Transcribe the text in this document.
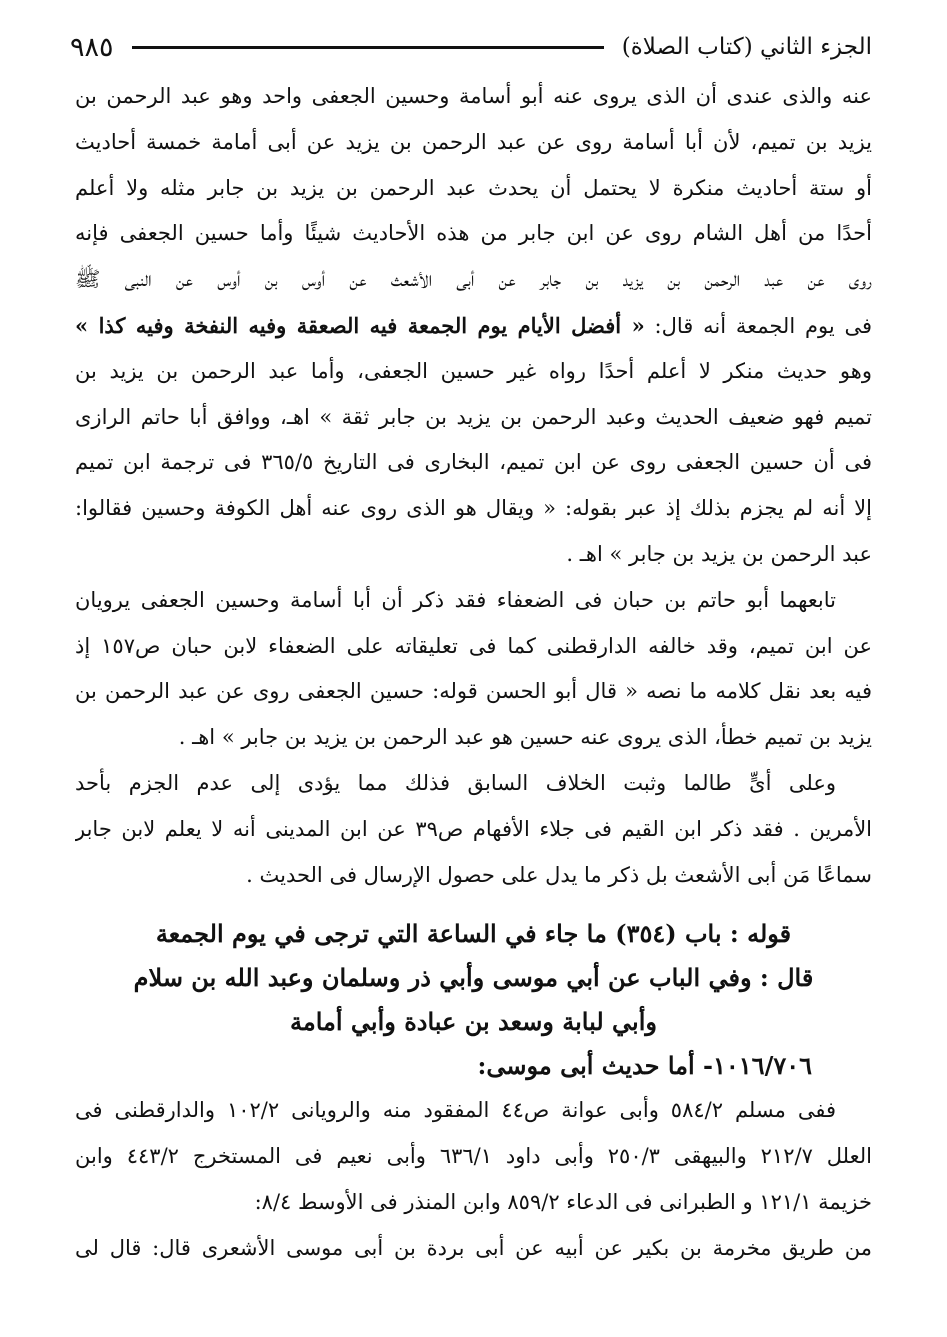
الجزء الثاني (كتاب الصلاة)
٩٨٥
عنه والذى عندى أن الذى يروى عنه أبو أسامة وحسين الجعفى واحد وهو عبد الرحمن بن
يزيد بن تميم، لأن أبا أسامة روى عن عبد الرحمن بن يزيد عن أبى أمامة خمسة أحاديث
أو ستة أحاديث منكرة لا يحتمل أن يحدث عبد الرحمن بن يزيد بن جابر مثله ولا أعلم
أحدًا من أهل الشام روى عن ابن جابر من هذه الأحاديث شيئًا وأما حسين الجعفى فإنه
روى عن عبد الرحمن بن يزيد بن جابر عن أبى الأشعث عن أوس بن أوس عن النبى ﷺ
فى يوم الجمعة أنه قال: « أفضل الأيام يوم الجمعة فيه الصعقة وفيه النفخة وفيه كذا »
وهو حديث منكر لا أعلم أحدًا رواه غير حسين الجعفى، وأما عبد الرحمن بن يزيد بن
تميم فهو ضعيف الحديث وعبد الرحمن بن يزيد بن جابر ثقة » اهـ، ووافق أبا حاتم الرازى
فى أن حسين الجعفى روى عن ابن تميم، البخارى فى التاريخ ٣٦٥/٥ فى ترجمة ابن تميم
إلا أنه لم يجزم بذلك إذ عبر بقوله: « ويقال هو الذى روى عنه أهل الكوفة وحسين فقالوا:
عبد الرحمن بن يزيد بن جابر » اهـ .
تابعهما أبو حاتم بن حبان فى الضعفاء فقد ذكر أن أبا أسامة وحسين الجعفى يرويان
عن ابن تميم، وقد خالفه الدارقطنى كما فى تعليقاته على الضعفاء لابن حبان ص١٥٧ إذ
فيه بعد نقل كلامه ما نصه « قال أبو الحسن قوله: حسين الجعفى روى عن عبد الرحمن بن
يزيد بن تميم خطأ، الذى يروى عنه حسين هو عبد الرحمن بن يزيد بن جابر » اهـ .
وعلى أىٍّ طالما وثبت الخلاف السابق فذلك مما يؤدى إلى عدم الجزم بأحد
الأمرين . فقد ذكر ابن القيم فى جلاء الأفهام ص٣٩ عن ابن المدينى أنه لا يعلم لابن جابر
سماعًا مَن أبى الأشعث بل ذكر ما يدل على حصول الإرسال فى الحديث .
قوله : باب (٣٥٤) ما جاء في الساعة التي ترجى في يوم الجمعة
قال : وفي الباب عن أبي موسى وأبي ذر وسلمان وعبد الله بن سلام
وأبي لبابة وسعد بن عبادة وأبي أمامة
١٠١٦/٧٠٦- أما حديث أبى موسى:
ففى مسلم ٥٨٤/٢ وأبى عوانة ص٤٤ المفقود منه والرويانى ١٠٢/٢ والدارقطنى فى
العلل ٢١٢/٧ والبيهقى ٢٥٠/٣ وأبى داود ٦٣٦/١ وأبى نعيم فى المستخرج ٤٤٣/٢ وابن
خزيمة ١٢١/١ و الطبرانى فى الدعاء ٨٥٩/٢ وابن المنذر فى الأوسط ٨/٤:
من طريق مخرمة بن بكير عن أبيه عن أبى بردة بن أبى موسى الأشعرى قال: قال لى
